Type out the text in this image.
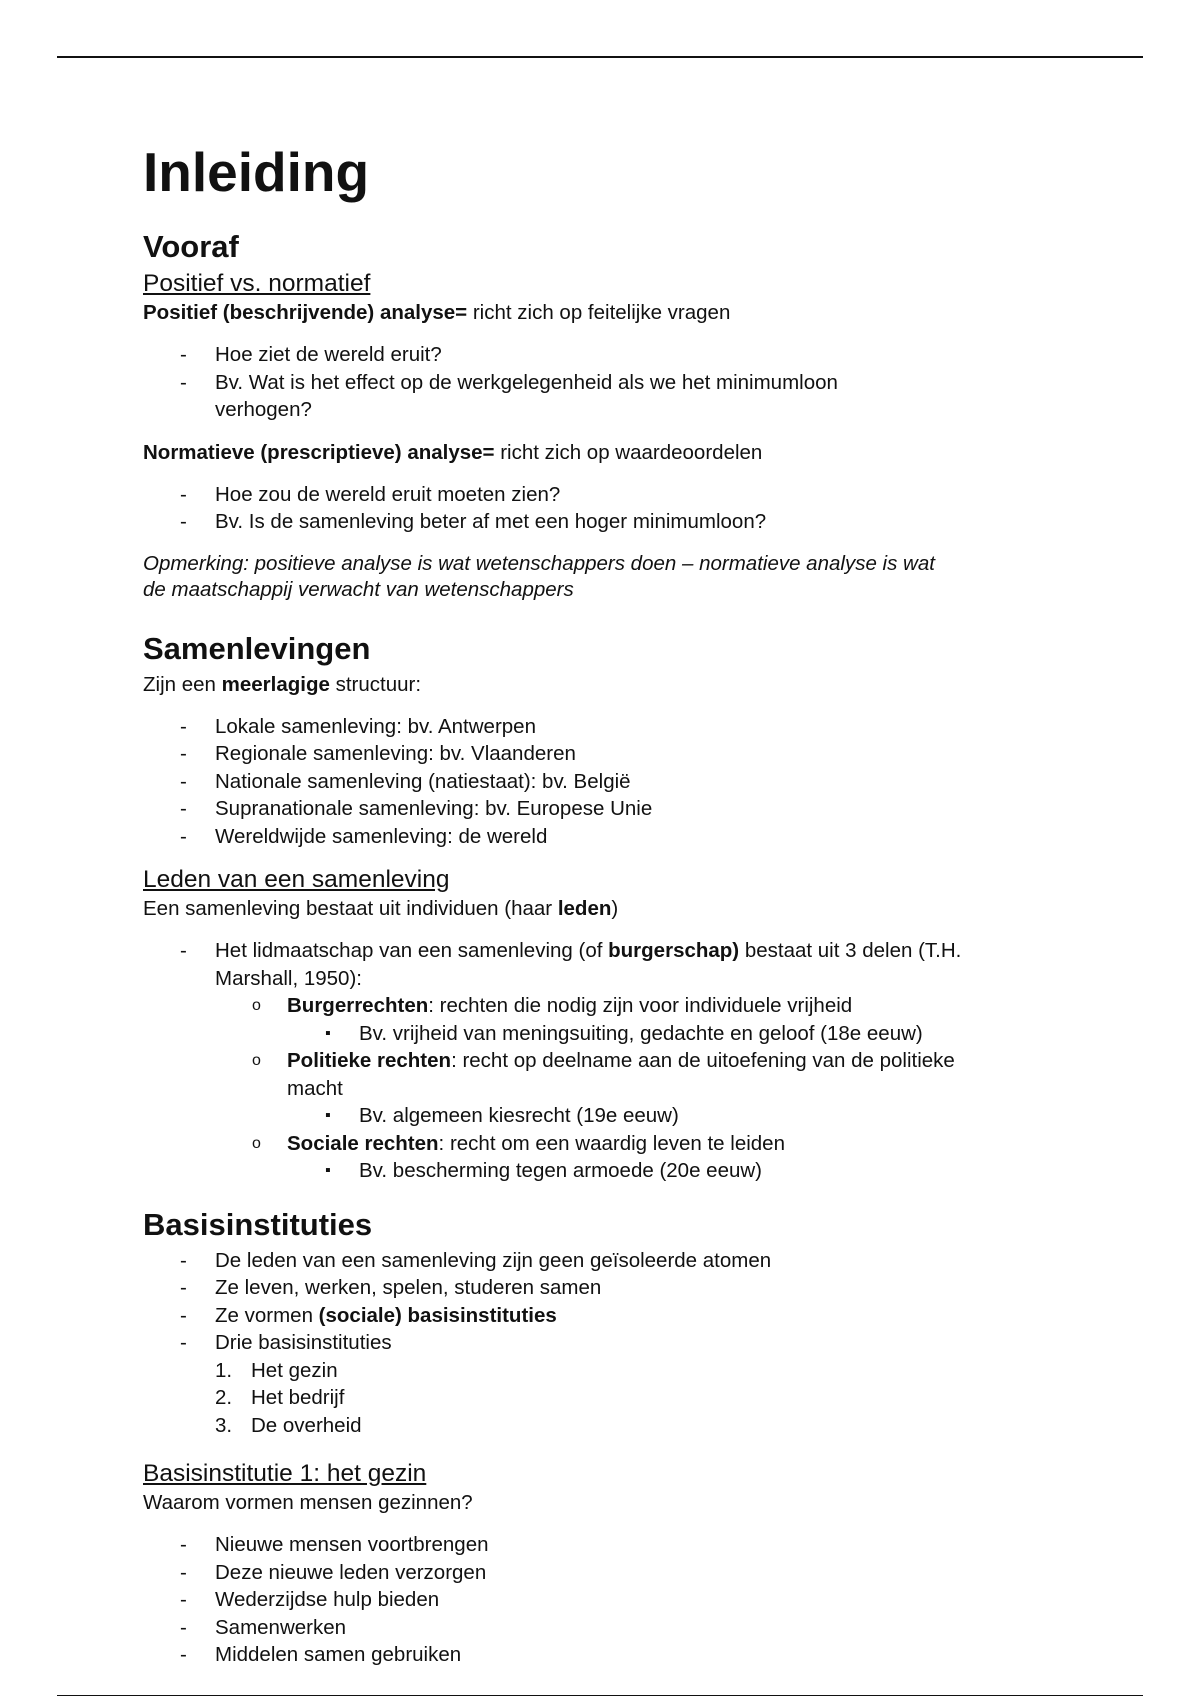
Inleiding
Vooraf
Positief vs. normatief

Positief (beschrijvende) analyse= richt zich op feitelijke vragen

- Hoe ziet de wereld eruit?
- Bv. Wat is het effect op de werkgelegenheid als we het minimumloon verhogen?

Normatieve (prescriptieve) analyse= richt zich op waardeoordelen

- Hoe zou de wereld eruit moeten zien?
- Bv. Is de samenleving beter af met een hoger minimumloon?

Opmerking: positieve analyse is wat wetenschappers doen – normatieve analyse is wat de maatschappij verwacht van wetenschappers

Samenlevingen

Zijn een meerlagige structuur:

- Lokale samenleving: bv. Antwerpen
- Regionale samenleving: bv. Vlaanderen
- Nationale samenleving (natiestaat): bv. België
- Supranationale samenleving: bv. Europese Unie
- Wereldwijde samenleving: de wereld
Leden van een samenleving

Een samenleving bestaat uit individuen (haar leden)

- Het lidmaatschap van een samenleving (of burgerschap) bestaat uit 3 delen (T.H. Marshall, 1950):
o Burgerrechten: rechten die nodig zijn voor individuele vrijheid
▪ Bv. vrijheid van meningsuiting, gedachte en geloof (18e eeuw)
o Politieke rechten: recht op deelname aan de uitoefening van de politieke macht
▪ Bv. algemeen kiesrecht (19e eeuw)
o Sociale rechten: recht om een waardig leven te leiden
▪ Bv. bescherming tegen armoede (20e eeuw)
Basisinstituties
- De leden van een samenleving zijn geen geïsoleerde atomen
- Ze leven, werken, spelen, studeren samen
- Ze vormen (sociale) basisinstituties
- Drie basisinstituties
1. Het gezin
2. Het bedrijf
3. De overheid
Basisinstitutie 1: het gezin

Waarom vormen mensen gezinnen?

- Nieuwe mensen voortbrengen
- Deze nieuwe leden verzorgen
- Wederzijdse hulp bieden
- Samenwerken
- Middelen samen gebruiken
